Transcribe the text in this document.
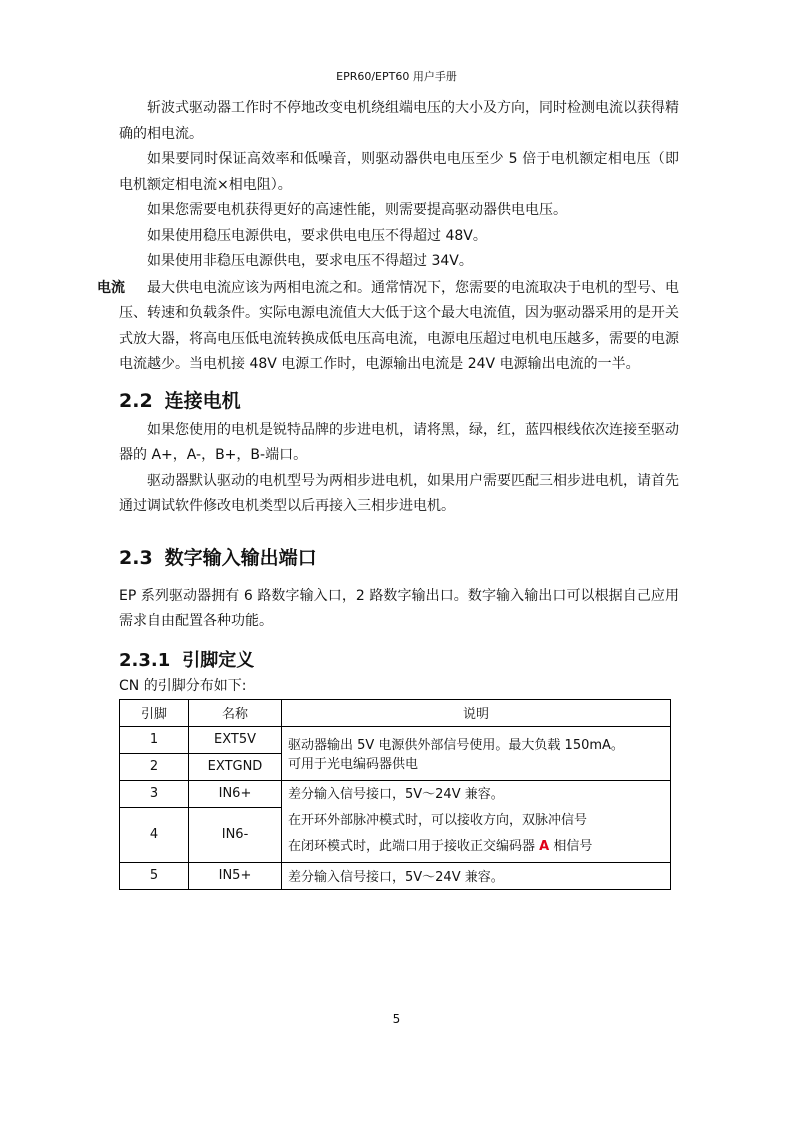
EPR60/EPT60 用户手册

斩波式驱动器工作时不停地改变电机绕组端电压的大小及方向，同时检测电流以获得精确的相电流。

如果要同时保证高效率和低噪音，则驱动器供电电压至少 5 倍于电机额定相电压（即电机额定相电流×相电阻）。

如果您需要电机获得更好的高速性能，则需要提高驱动器供电电压。

如果使用稳压电源供电，要求供电电压不得超过 48V。

如果使用非稳压电源供电，要求电压不得超过 34V。

电流	最大供电电流应该为两相电流之和。通常情况下，您需要的电流取决于电机的型号、电压、转速和负载条件。实际电源电流值大大低于这个最大电流值，因为驱动器采用的是开关式放大器，将高电压低电流转换成低电压高电流，电源电压超过电机电压越多，需要的电源电流越少。当电机接 48V 电源工作时，电源输出电流是 24V 电源输出电流的一半。

2.2 连接电机

如果您使用的电机是锐特品牌的步进电机，请将黑，绿，红，蓝四根线依次连接至驱动器的 A+，A-，B+，B-端口。

驱动器默认驱动的电机型号为两相步进电机，如果用户需要匹配三相步进电机，请首先通过调试软件修改电机类型以后再接入三相步进电机。

2.3 数字输入输出端口

EP 系列驱动器拥有 6 路数字输入口，2 路数字输出口。数字输入输出口可以根据自己应用需求自由配置各种功能。

2.3.1 引脚定义

CN 的引脚分布如下:

引脚	名称	说明
1	EXT5V	驱动器输出 5V 电源供外部信号使用。最大负载 150mA。
可用于光电编码器供电

2	EXTGND	
3	IN6+	差分输入信号接口，5V～24V 兼容。
在开环外部脉冲模式时，可以接收方向，双脉冲信号
在闭环模式时，此端口用于接收正交编码器 A 相信号

4	IN6-	
5	IN5+	差分输入信号接口，5V～24V 兼容。
5
